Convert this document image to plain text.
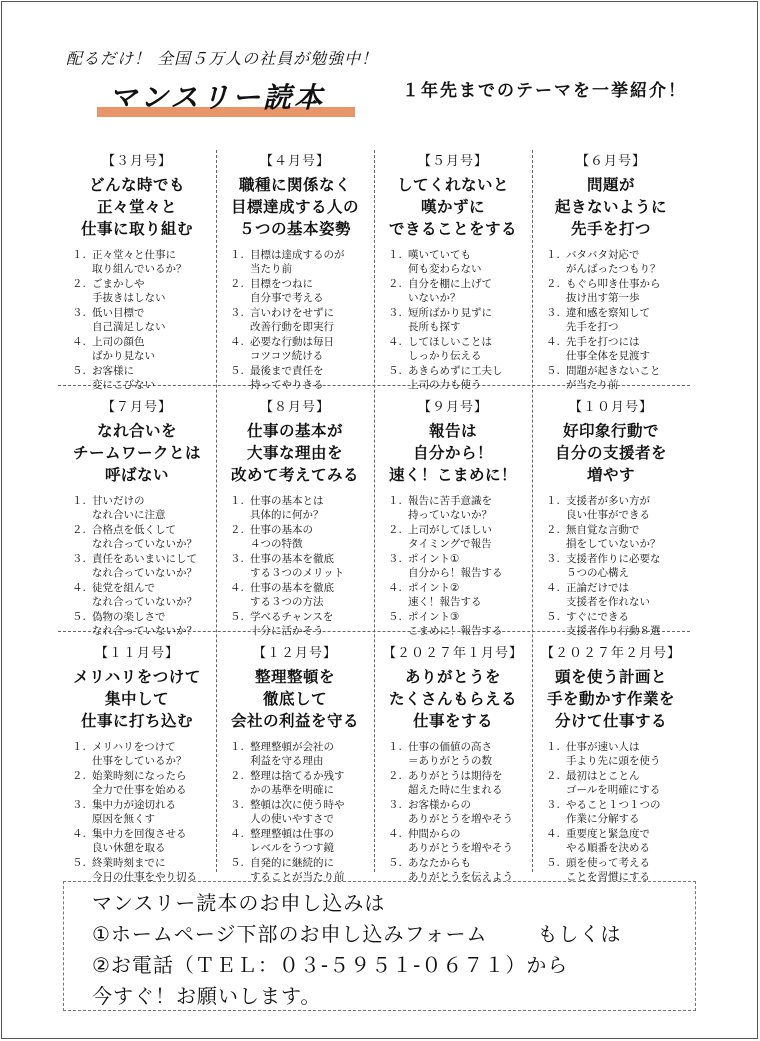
配るだけ！ 全国５万人の社員が勉強中！
マンスリー読本	１年先までのテーマを一挙紹介！
【３月号】
どんな時でも
正々堂々と
仕事に取り組む
１. 正々堂々と仕事に
取り組んでいるか？
２. ごまかしや
手抜きはしない
３. 低い目標で
自己満足しない
４. 上司の顔色
ばかり見ない
５. お客様に
変にこびない
【４月号】
職種に関係なく
目標達成する人の
５つの基本姿勢
１. 目標は達成するのが
当たり前
２. 目標をつねに
自分事で考える
３. 言いわけをせずに
改善行動を即実行
４. 必要な行動は毎日
コツコツ続ける
５. 最後まで責任を
持ってやりきる
【５月号】
してくれないと
嘆かずに
できることをする
１. 嘆いていても
何も変わらない
２. 自分を棚に上げて
いないか？
３. 短所ばかり見ずに
長所も探す
４. してほしいことは
しっかり伝える
５. あきらめずに工夫し
上司の力も使う
【６月号】
問題が
起きないように
先手を打つ
１. バタバタ対応で
がんばったつもり？
２. もぐら叩き仕事から
抜け出す第一歩
３. 違和感を察知して
先手を打つ
４. 先手を打つには
仕事全体を見渡す
５. 問題が起きないこと
が当たり前
【７月号】
なれ合いを
チームワークとは
呼ばない
１. 甘いだけの
なれ合いに注意
２. 合格点を低くして
なれ合っていないか？
３. 責任をあいまいにして
なれ合っていないか？
４. 徒党を組んで
なれ合っていないか？
５. 偽物の楽しさで
なれ合っていないか？
【８月号】
仕事の基本が
大事な理由を
改めて考えてみる
１. 仕事の基本とは
具体的に何か？
２. 仕事の基本の
４つの特徴
３. 仕事の基本を徹底
する３つのメリット
４. 仕事の基本を徹底
する３つの方法
５. 学べるチャンスを
十分に活かそう
【９月号】
報告は
自分から！
速く！こまめに！
１. 報告に苦手意識を
持っていないか？
２. 上司がしてほしい
タイミングで報告
３. ポイント①
自分から！報告する
４. ポイント②
速く！報告する
５. ポイント③
こまめに！報告する
【１０月号】
好印象行動で
自分の支援者を
増やす
１. 支援者が多い方が
良い仕事ができる
２. 無自覚な言動で
損をしていないか？
３. 支援者作りに必要な
５つの心構え
４. 正論だけでは
支援者を作れない
５. すぐにできる
支援者作り行動８選
【１１月号】
メリハリをつけて
集中して
仕事に打ち込む
１. メリハリをつけて
仕事をしているか？
２. 始業時刻になったら
全力で仕事を始める
３. 集中力が途切れる
原因を無くす
４. 集中力を回復させる
良い休憩を取る
５. 終業時刻までに
今日の仕事をやり切る
【１２月号】
整理整頓を
徹底して
会社の利益を守る
１. 整理整頓が会社の
利益を守る理由
２. 整理は捨てるか残す
かの基準を明確に
３. 整頓は次に使う時や
人の使いやすさで
４. 整理整頓は仕事の
レベルをうつす鏡
５. 自発的に継続的に
することが当たり前
【２０２７年１月号】
ありがとうを
たくさんもらえる
仕事をする
１. 仕事の価値の高さ
＝ありがとうの数
２. ありがとうは期待を
超えた時に生まれる
３. お客様からの
ありがとうを増やそう
４. 仲間からの
ありがとうを増やそう
５. あなたからも
ありがとうを伝えよう
【２０２７年２月号】
頭を使う計画と
手を動かす作業を
分けて仕事する
１. 仕事が速い人は
手より先に頭を使う
２. 最初はとことん
ゴールを明確にする
３. やること１つ１つの
作業に分解する
４. 重要度と緊急度で
やる順番を決める
５. 頭を使って考える
ことを習慣にする

マンスリー読本のお申し込みは

①ホームページ下部のお申し込みフォーム	もしくは

②お電話（ＴＥＬ：０３-５９５１-０６７１）から

今すぐ！お願いします。
